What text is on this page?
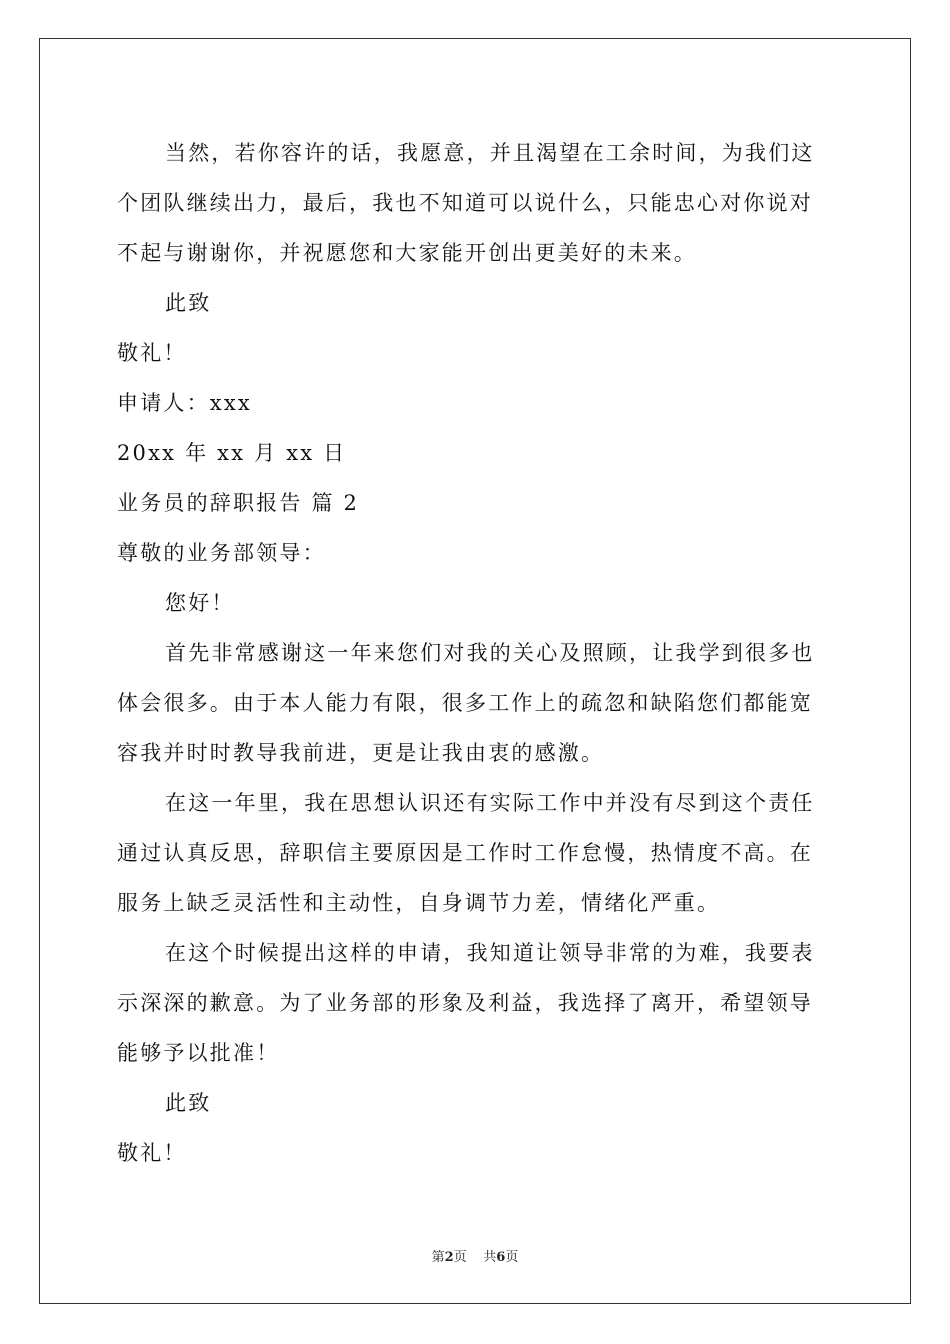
当然，若你容许的话，我愿意，并且渴望在工余时间，为我们这
个团队继续出力，最后，我也不知道可以说什么，只能忠心对你说对
不起与谢谢你，并祝愿您和大家能开创出更美好的未来。
此致
敬礼！
申请人：xxx
20xx 年 xx 月 xx 日
业务员的辞职报告 篇 2
尊敬的业务部领导：
您好！
首先非常感谢这一年来您们对我的关心及照顾，让我学到很多也
体会很多。由于本人能力有限，很多工作上的疏忽和缺陷您们都能宽
容我并时时教导我前进，更是让我由衷的感激。
在这一年里，我在思想认识还有实际工作中并没有尽到这个责任
通过认真反思，辞职信主要原因是工作时工作怠慢，热情度不高。在
服务上缺乏灵活性和主动性，自身调节力差，情绪化严重。
在这个时候提出这样的申请，我知道让领导非常的为难，我要表
示深深的歉意。为了业务部的形象及利益，我选择了离开，希望领导
能够予以批准！
此致
敬礼！
第2页 共6页
